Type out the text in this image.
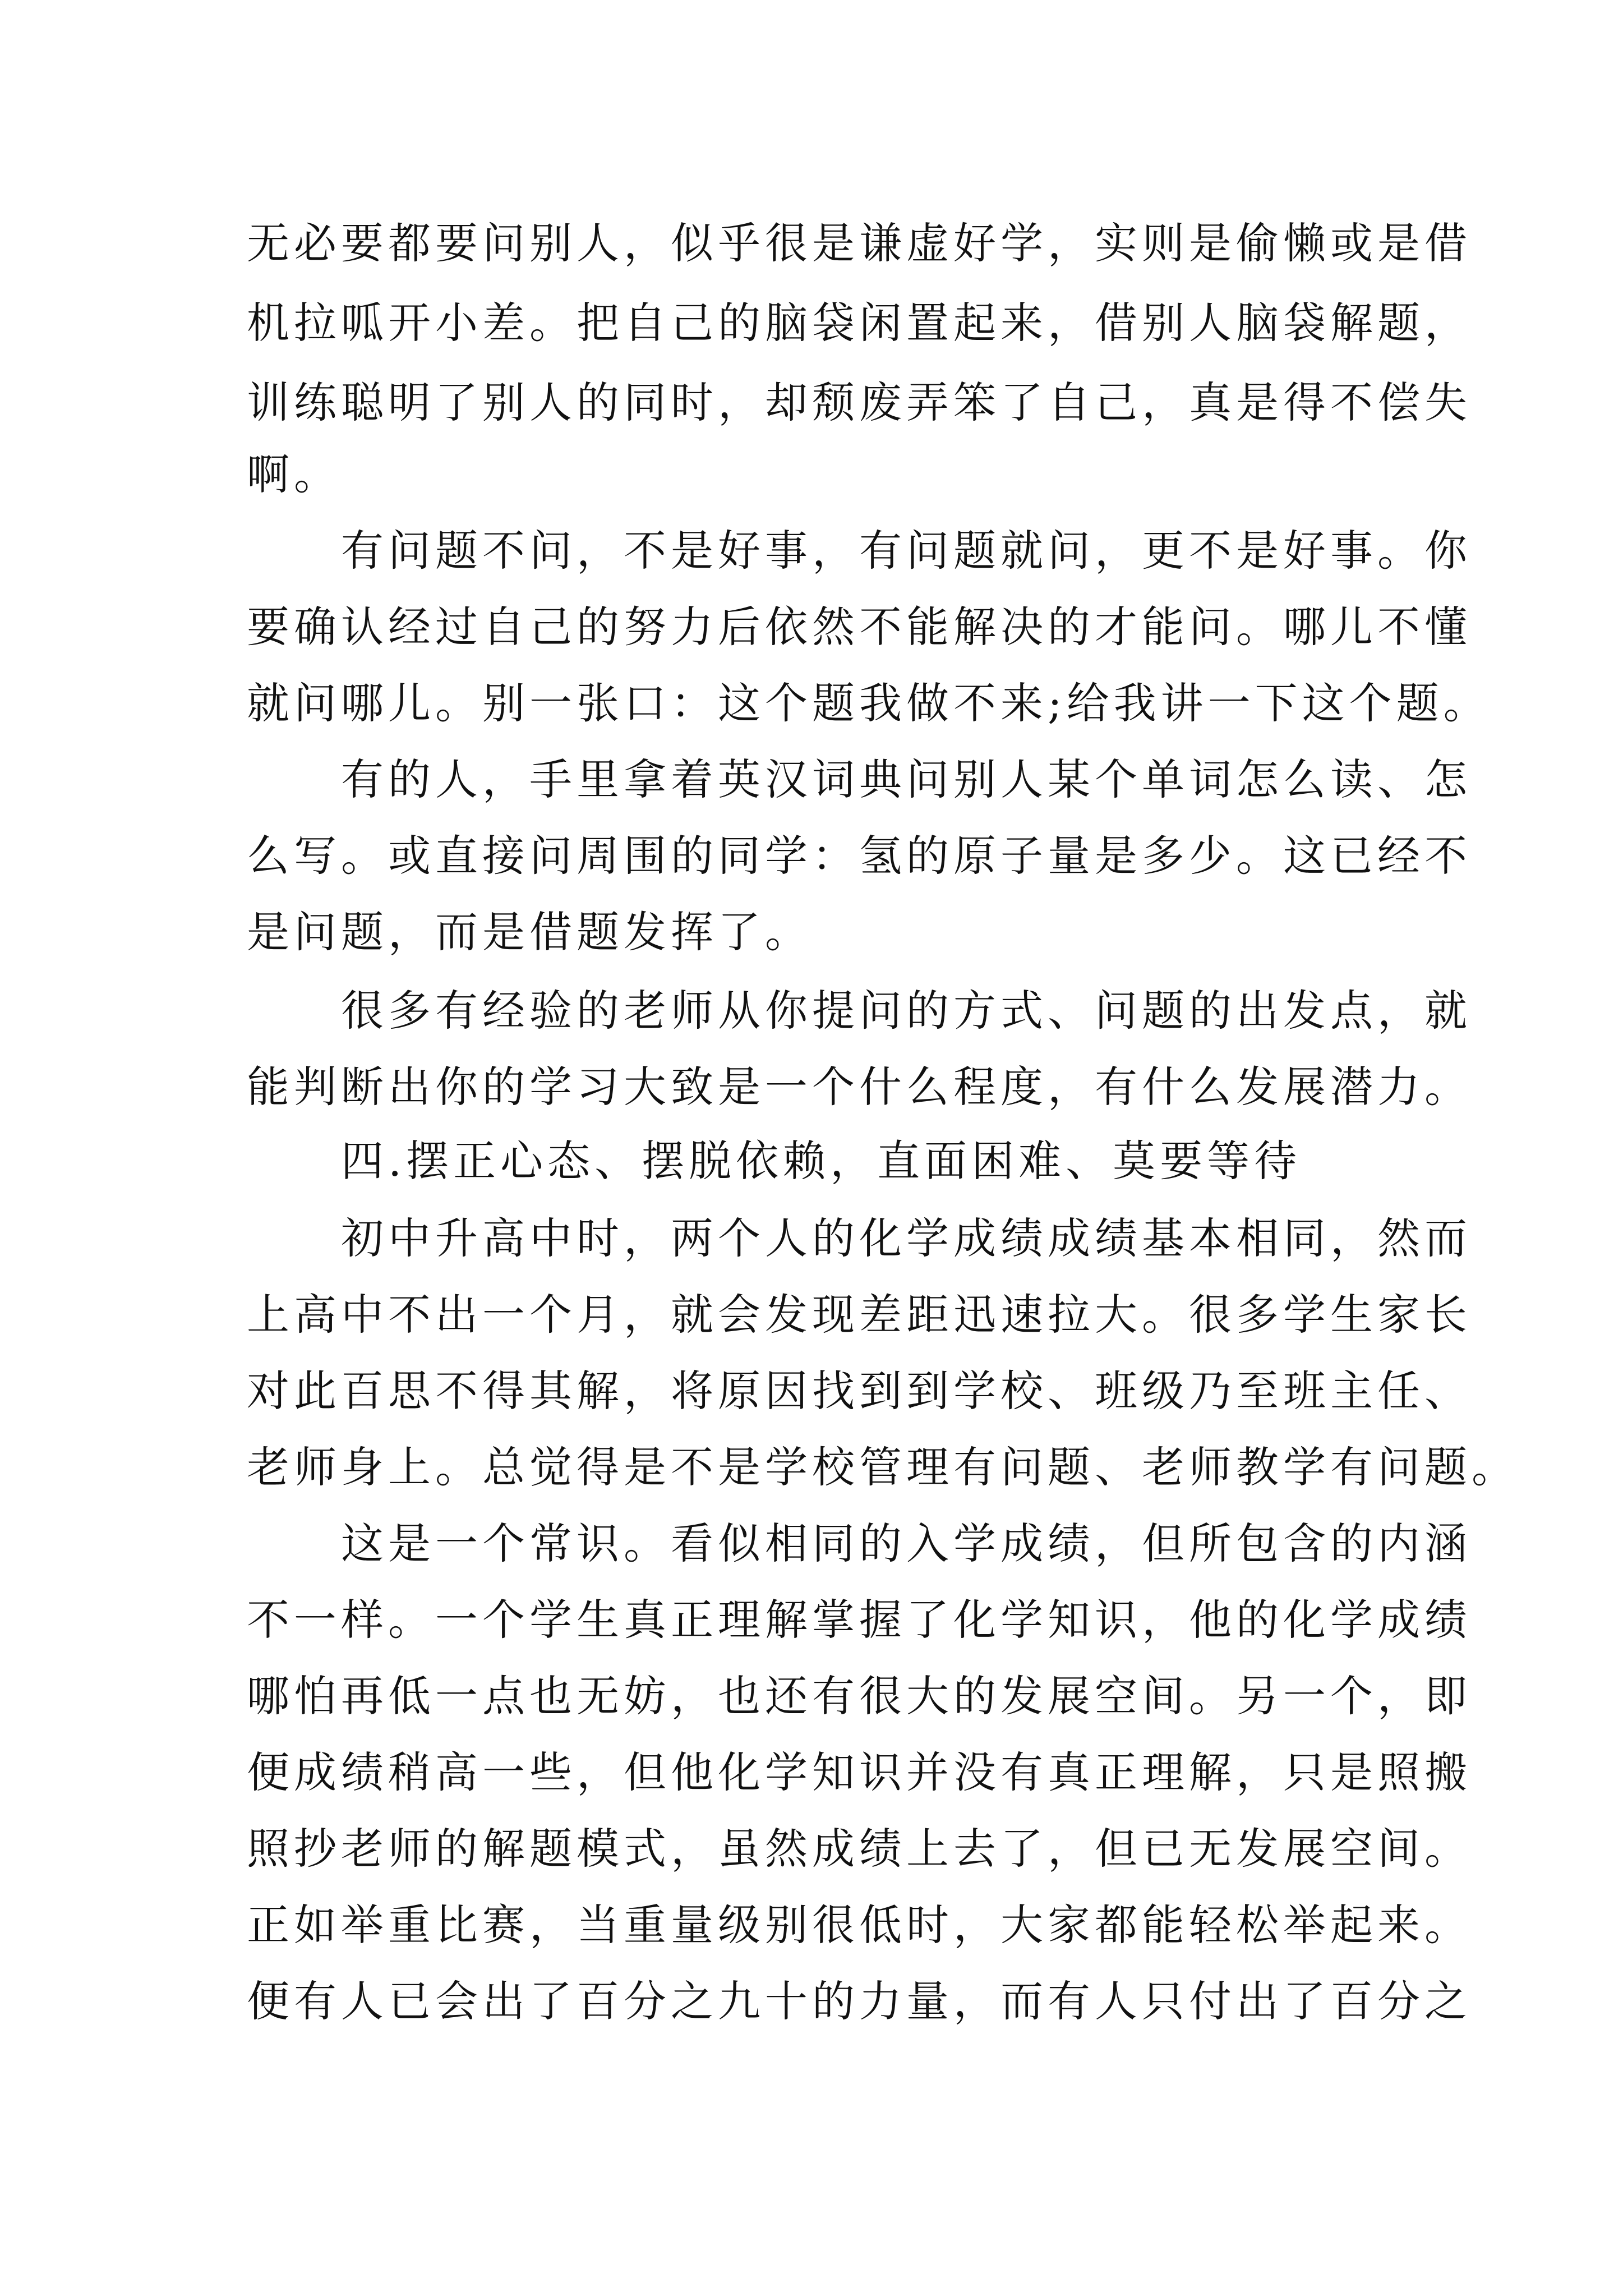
无必要都要问别人，似乎很是谦虚好学，实则是偷懒或是借
机拉呱开小差。把自己的脑袋闲置起来，借别人脑袋解题，
训练聪明了别人的同时，却颓废弄笨了自己，真是得不偿失
啊。
　　有问题不问，不是好事，有问题就问，更不是好事。你
要确认经过自己的努力后依然不能解决的才能问。哪儿不懂
就问哪儿。别一张口：这个题我做不来;给我讲一下这个题。
　　有的人，手里拿着英汉词典问别人某个单词怎么读、怎
么写。或直接问周围的同学：氢的原子量是多少。这已经不
是问题，而是借题发挥了。
　　很多有经验的老师从你提问的方式、问题的出发点，就
能判断出你的学习大致是一个什么程度，有什么发展潜力。
　　四.摆正心态、摆脱依赖，直面困难、莫要等待
　　初中升高中时，两个人的化学成绩成绩基本相同，然而
上高中不出一个月，就会发现差距迅速拉大。很多学生家长
对此百思不得其解，将原因找到到学校、班级乃至班主任、
老师身上。总觉得是不是学校管理有问题、老师教学有问题。
　　这是一个常识。看似相同的入学成绩，但所包含的内涵
不一样。一个学生真正理解掌握了化学知识，他的化学成绩
哪怕再低一点也无妨，也还有很大的发展空间。另一个，即
便成绩稍高一些，但他化学知识并没有真正理解，只是照搬
照抄老师的解题模式，虽然成绩上去了，但已无发展空间。
正如举重比赛，当重量级别很低时，大家都能轻松举起来。
便有人已会出了百分之九十的力量，而有人只付出了百分之
